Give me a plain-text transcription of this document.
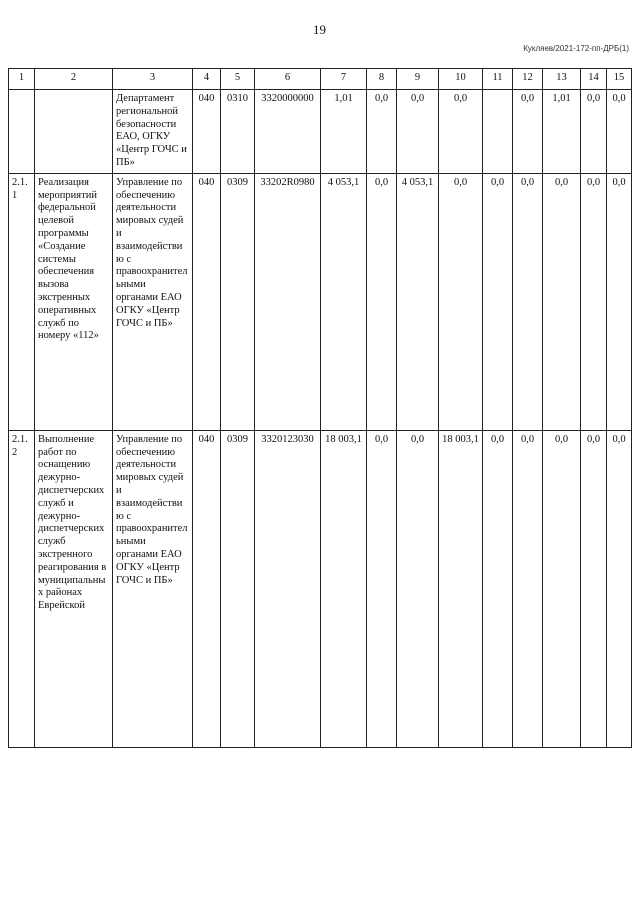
19
Кукляев/2021-172-пп-ДРБ(1)
1	2	3	4	5	6	7	8	9	10	11	12	13	14	15
		Департамент региональной безопасности ЕАО, ОГКУ «Центр ГОЧС и ПБ»	040	0310	3320000000	1,01	0,0	0,0	0,0		0,0	1,01	0,0	0,0
2.1.1	Реализация мероприятий федеральной целевой программы «Создание системы обеспечения вызова экстренных оперативных служб по номеру «112»	Управление по обеспечению деятельности мировых судей и взаимодействию с правоохранительными органами ЕАО ОГКУ «Центр ГОЧС и ПБ»	040	0309	33202R0980	4 053,1	0,0	4 053,1	0,0	0,0	0,0	0,0	0,0	0,0
2.1.2	Выполнение работ по оснащению дежурно-диспетчерских служб и дежурно-диспетчерских служб экстренного реагирования в муниципальных районах Еврейской	Управление по обеспечению деятельности мировых судей и взаимодействию с правоохранительными органами ЕАО ОГКУ «Центр ГОЧС и ПБ»	040	0309	3320123030	18 003,1	0,0	0,0	18 003,1	0,0	0,0	0,0	0,0	0,0
